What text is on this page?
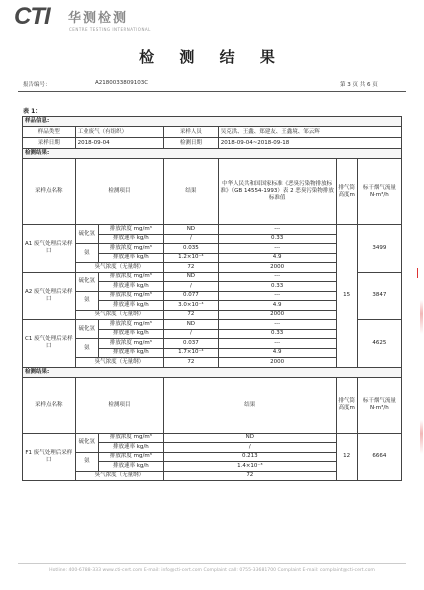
CTI 华测检测
CENTRE TESTING INTERNATIONAL
检 测 结 果
报告编号：	A2180033809103C	第 3 页 共 6 页
表 1：
样品信息:						
样品类型	工业废气（有组织）		采样人员	吴克洪、王鑫、郑建友、王鑫境、邹云辉		
采样日期	2018-09-04		检测日期	2018-09-04~2018-09-18		
检测结果:						
采样点名称	检测项目		结果	中华人民共和国国家标准《恶臭污染物排放标准》（GB 14554-1993）表 2 恶臭污染物排放标准值	排气筒高度m	标干烟气流量N·m³/h
A1 废气处理后采样口	硫化氢	排放浓度 mg/m³	ND	---	15	3499
		排放速率 kg/h	/	0.33		
	氨	排放浓度 mg/m³	0.035	---		
		排放速率 kg/h	1.2×10⁻⁴	4.9		
	臭气浓度（无量纲）		72	2000		
A2 废气处理后采样口	硫化氢	排放浓度 mg/m³	ND	---		3847
		排放速率 kg/h	/	0.33		
	氨	排放浓度 mg/m³	0.077	---		
		排放速率 kg/h	3.0×10⁻⁴	4.9		
	臭气浓度（无量纲）		72	2000		
C1 废气处理后采样口	硫化氢	排放浓度 mg/m³	ND	---		4625
		排放速率 kg/h	/	0.33		
	氨	排放浓度 mg/m³	0.037	---		
		排放速率 kg/h	1.7×10⁻⁴	4.9		
	臭气浓度（无量纲）		72	2000		
检测结果:						
采样点名称	检测项目		结果		排气筒高度m	标干烟气流量N·m³/h
F1 废气处理后采样口	硫化氢	排放浓度 mg/m³	ND		12	6664
		排放速率 kg/h	/			
	氨	排放浓度 mg/m³	0.213			
		排放速率 kg/h	1.4×10⁻³			
	臭气浓度（无量纲）		72			
Hotline: 400-6788-333 www.cti-cert.com E-mail: info@cti-cert.com Complaint call: 0755-33681700 Complaint E-mail: complaint@cti-cert.com
